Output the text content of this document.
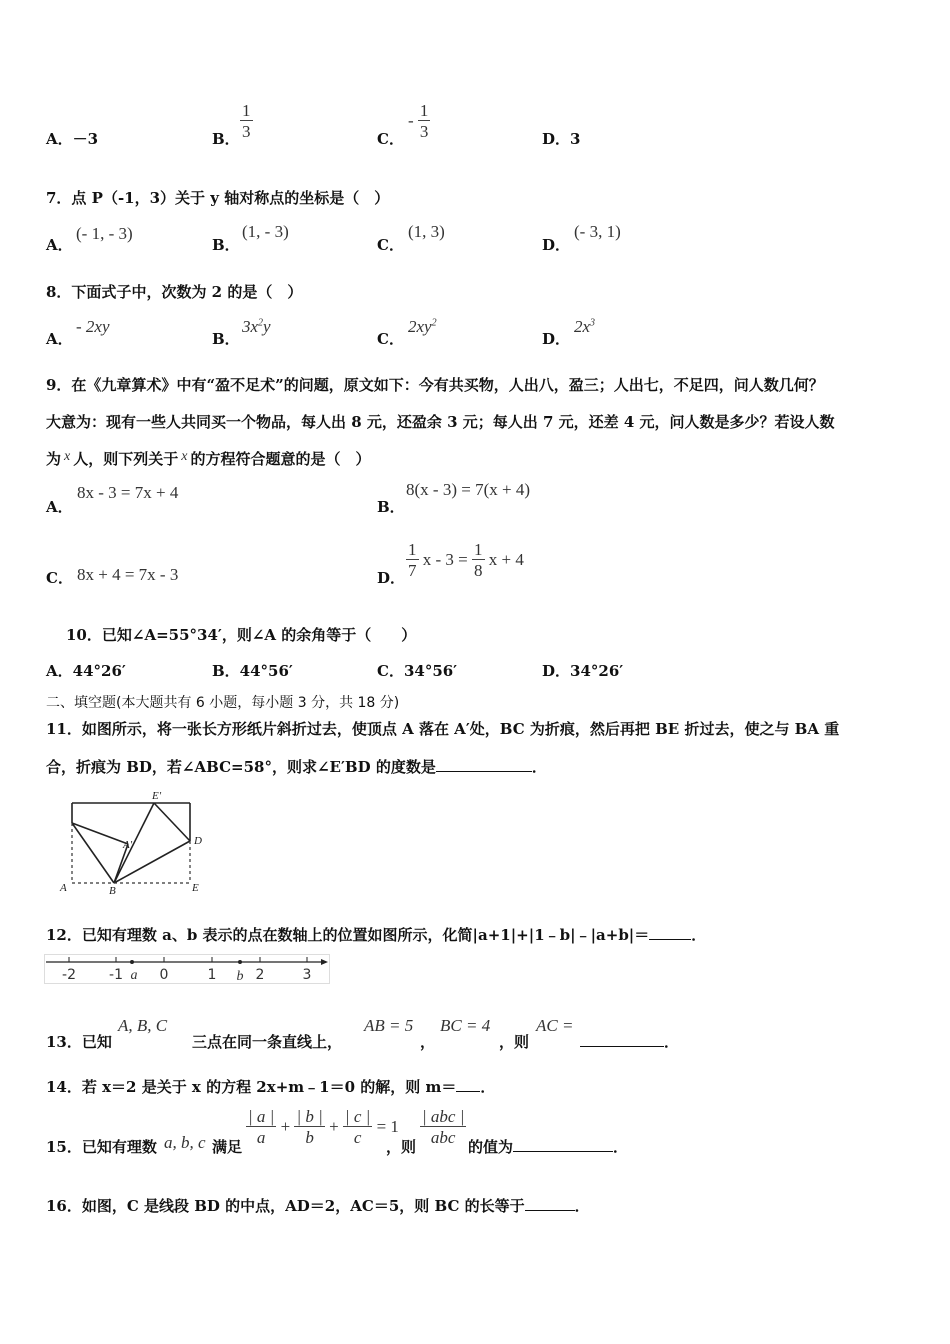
A．－3	B． $\frac{1}{3}$	C．
- $\frac{1}{3}$	D．3
7．点 P（-1，3）关于 y 轴对称点的坐标是（　）
A．
(- 1, - 3)
B．
(1, - 3)
C．
(1, 3)
D．
(- 3, 1)
8．下面式子中，次数为 2 的是（　）
A．
- 2xy
B．
$3x^2y$
C．
$2xy^2$
D．
$2x^3$
9．在《九章算术》中有“盈不足术”的问题，原文如下：今有共买物，人出八，盈三；人出七，不足四，问人数几何？
大意为：现有一些人共同买一个物品，每人出 8 元，还盈余 3 元；每人出 7 元，还差 4 元，问人数是多少？若设人数
为 x 人，则下列关于 x 的方程符合题意的是（　）
A．
8x - 3 = 7x + 4
B．
8(x - 3) = 7(x + 4)
C． 8x + 4 = 7x - 3	D． $\frac{1}{7}$ $x - 3 = \frac{1}{8}$ x + 4
10．已知∠A=55°34′，则∠A 的余角等于（　　）
A．44°26′	B．44°56′	C．34°56′	D．34°26′
二、填空题(本大题共有 6 小题，每小题 3 分，共 18 分)
11．如图所示，将一张长方形纸片斜折过去，使顶点 A 落在 A′处，BC 为折痕，然后再把 BE 折过去，使之与 BA 重
合，折痕为 BD，若∠ABC=58°，则求∠E′BD 的度数是	．
E'
A'	D
A	B	E
12．已知有理数 a、b 表示的点在数轴上的位置如图所示，化简|a+1|+|1﹣b|﹣|a+b|＝	．
-2 -1	0	1	2	3
a	b
13．已知
A, B, C
三点在同一条直线上，
AB = 5
，
BC = 4
，则
AC =
．
14．若 x＝2 是关于 x 的方程 2x+m﹣1＝0 的解，则 m＝ ．
15．已知有理数 a, b, c 满足
$\frac{| a |}{a} + \frac{| b |}{b} + \frac{| c |}{c} = 1$
，则
$\frac{\text{| abc |}}{\text{abc}}$
的值为	．
16．如图，C 是线段 BD 的中点，AD＝2，AC＝5，则 BC 的长等于	．
